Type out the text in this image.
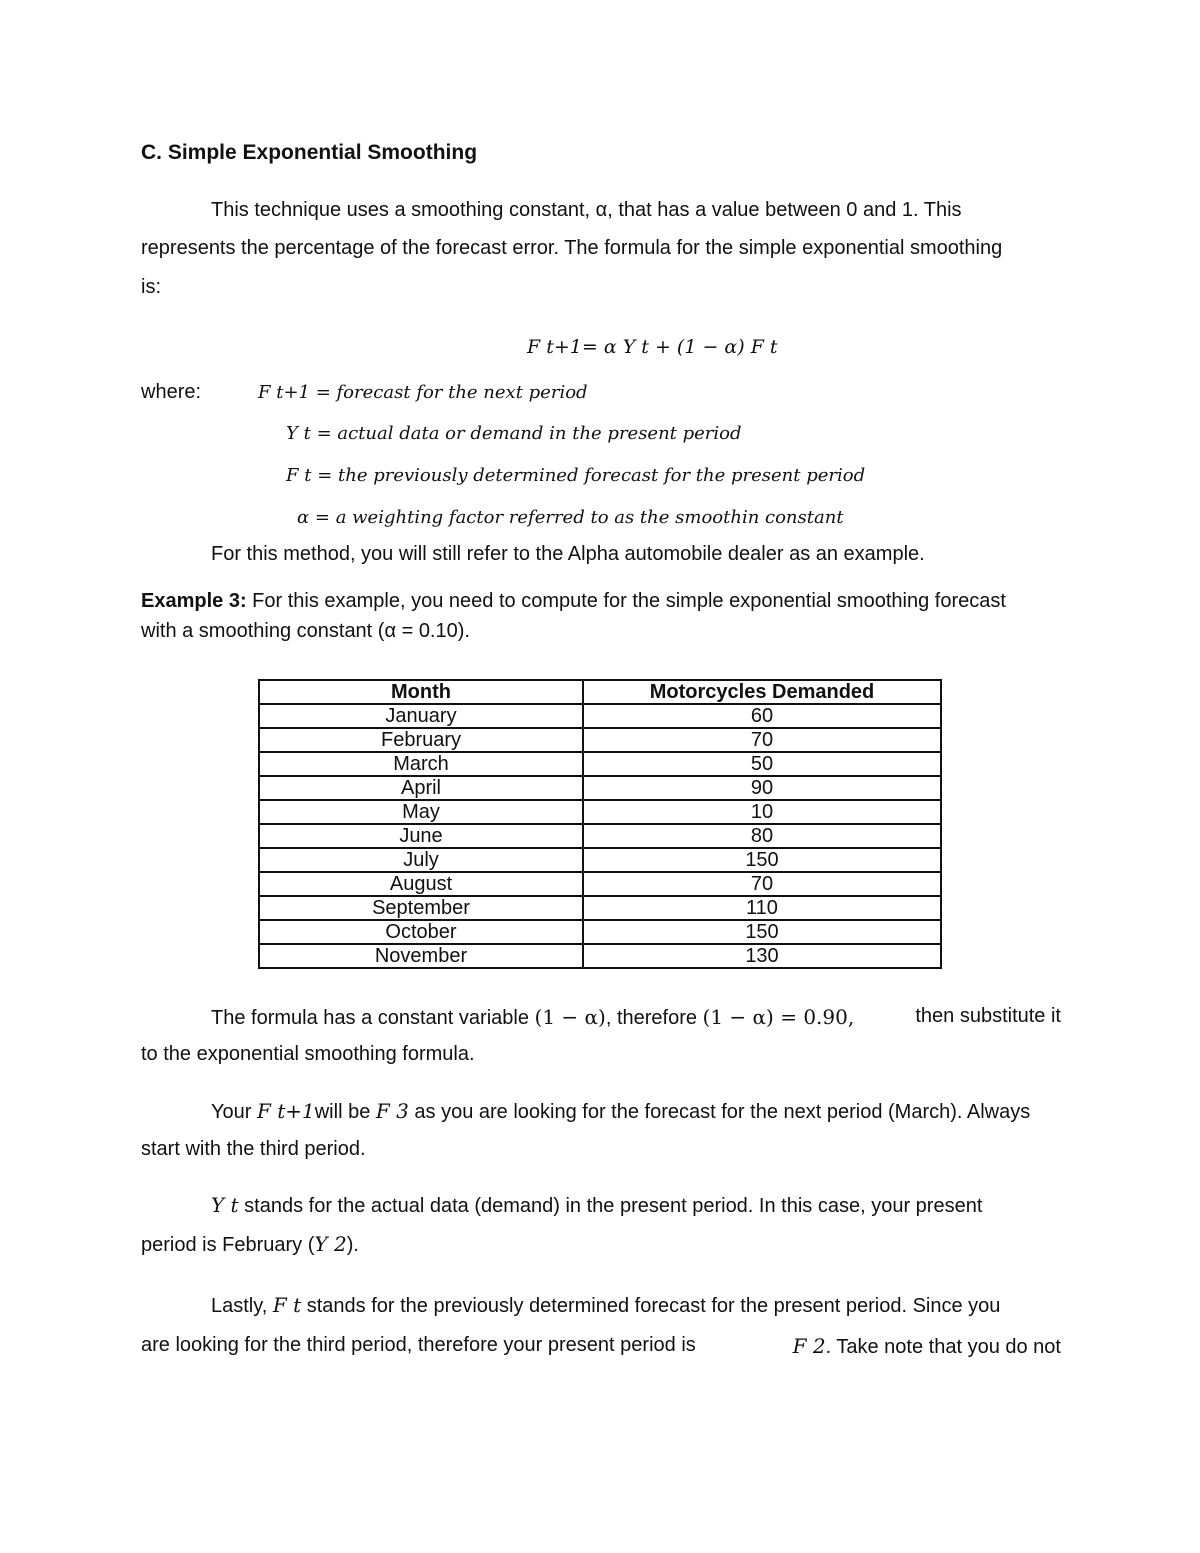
C. Simple Exponential Smoothing
This technique uses a smoothing constant, α, that has a value between 0 and 1. This
represents the percentage of the forecast error. The formula for the simple exponential smoothing
is:
F t+1= α Y t + (1 − α) F t
where:	F t+1 = forecast for the next period
Y t = actual data or demand in the present period
F t = the previously determined forecast for the present period
α = a weighting factor referred to as the smoothin constant
For this method, you will still refer to the Alpha automobile dealer as an example.
Example 3: For this example, you need to compute for the simple exponential smoothing forecast
with a smoothing constant (α = 0.10).
Month	Motorcycles Demanded
January	60
February	70
March	50
April	90
May	10
June	80
July	150
August	70
September	110
October	150
November	130
The formula has a constant variable (1 − α), therefore (1 − α) = 0.90,	then substitute it
to the exponential smoothing formula.
Your F t+1will be F 3 as you are looking for the forecast for the next period (March). Always
start with the third period.
Y t stands for the actual data (demand) in the present period. In this case, your present
period is February (Y 2).
Lastly, F t stands for the previously determined forecast for the present period. Since you
are looking for the third period, therefore your present period is	F 2. Take note that you do not
